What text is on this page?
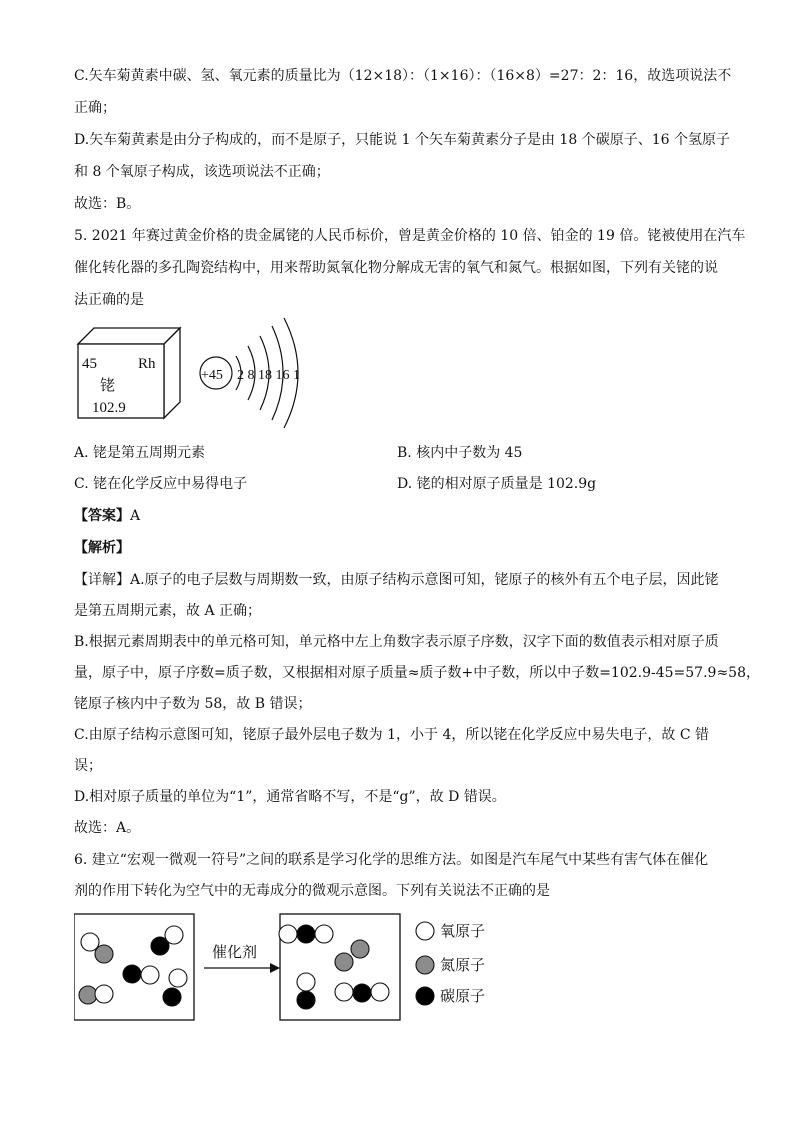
C.矢车菊黄素中碳、氢、氧元素的质量比为（12×18）：（1×16）：（16×8）=27：2：16，故选项说法不
正确；
D.矢车菊黄素是由分子构成的，而不是原子，只能说 1 个矢车菊黄素分子是由 18 个碳原子、16 个氢原子
和 8 个氧原子构成，该选项说法不正确；
故选：B。
5. 2021 年赛过黄金价格的贵金属铑的人民币标价，曾是黄金价格的 10 倍、铂金的 19 倍。铑被使用在汽车
催化转化器的多孔陶瓷结构中，用来帮助氮氧化物分解成无害的氧气和氮气。根据如图，下列有关铑的说
法正确的是
45	Rh
铑
102.9
+45 2 8 18 16 1
A. 铑是第五周期元素	B. 核内中子数为 45
C. 铑在化学反应中易得电子	D. 铑的相对原子质量是 102.9g
【答案】A
【解析】
【详解】A.原子的电子层数与周期数一致，由原子结构示意图可知，铑原子的核外有五个电子层，因此铑
是第五周期元素，故 A 正确；
B.根据元素周期表中的单元格可知，单元格中左上角数字表示原子序数，汉字下面的数值表示相对原子质
量，原子中，原子序数=质子数，又根据相对原子质量≈质子数+中子数，所以中子数=102.9-45=57.9≈58，
铑原子核内中子数为 58，故 B 错误；
C.由原子结构示意图可知，铑原子最外层电子数为 1，小于 4，所以铑在化学反应中易失电子，故 C 错
误；
D.相对原子质量的单位为“1”，通常省略不写，不是“g”，故 D 错误。
故选：A。
6. 建立“宏观一微观一符号”之间的联系是学习化学的思维方法。如图是汽车尾气中某些有害气体在催化
剂的作用下转化为空气中的无毒成分的微观示意图。下列有关说法不正确的是
催化剂
氧原子
氮原子
碳原子
